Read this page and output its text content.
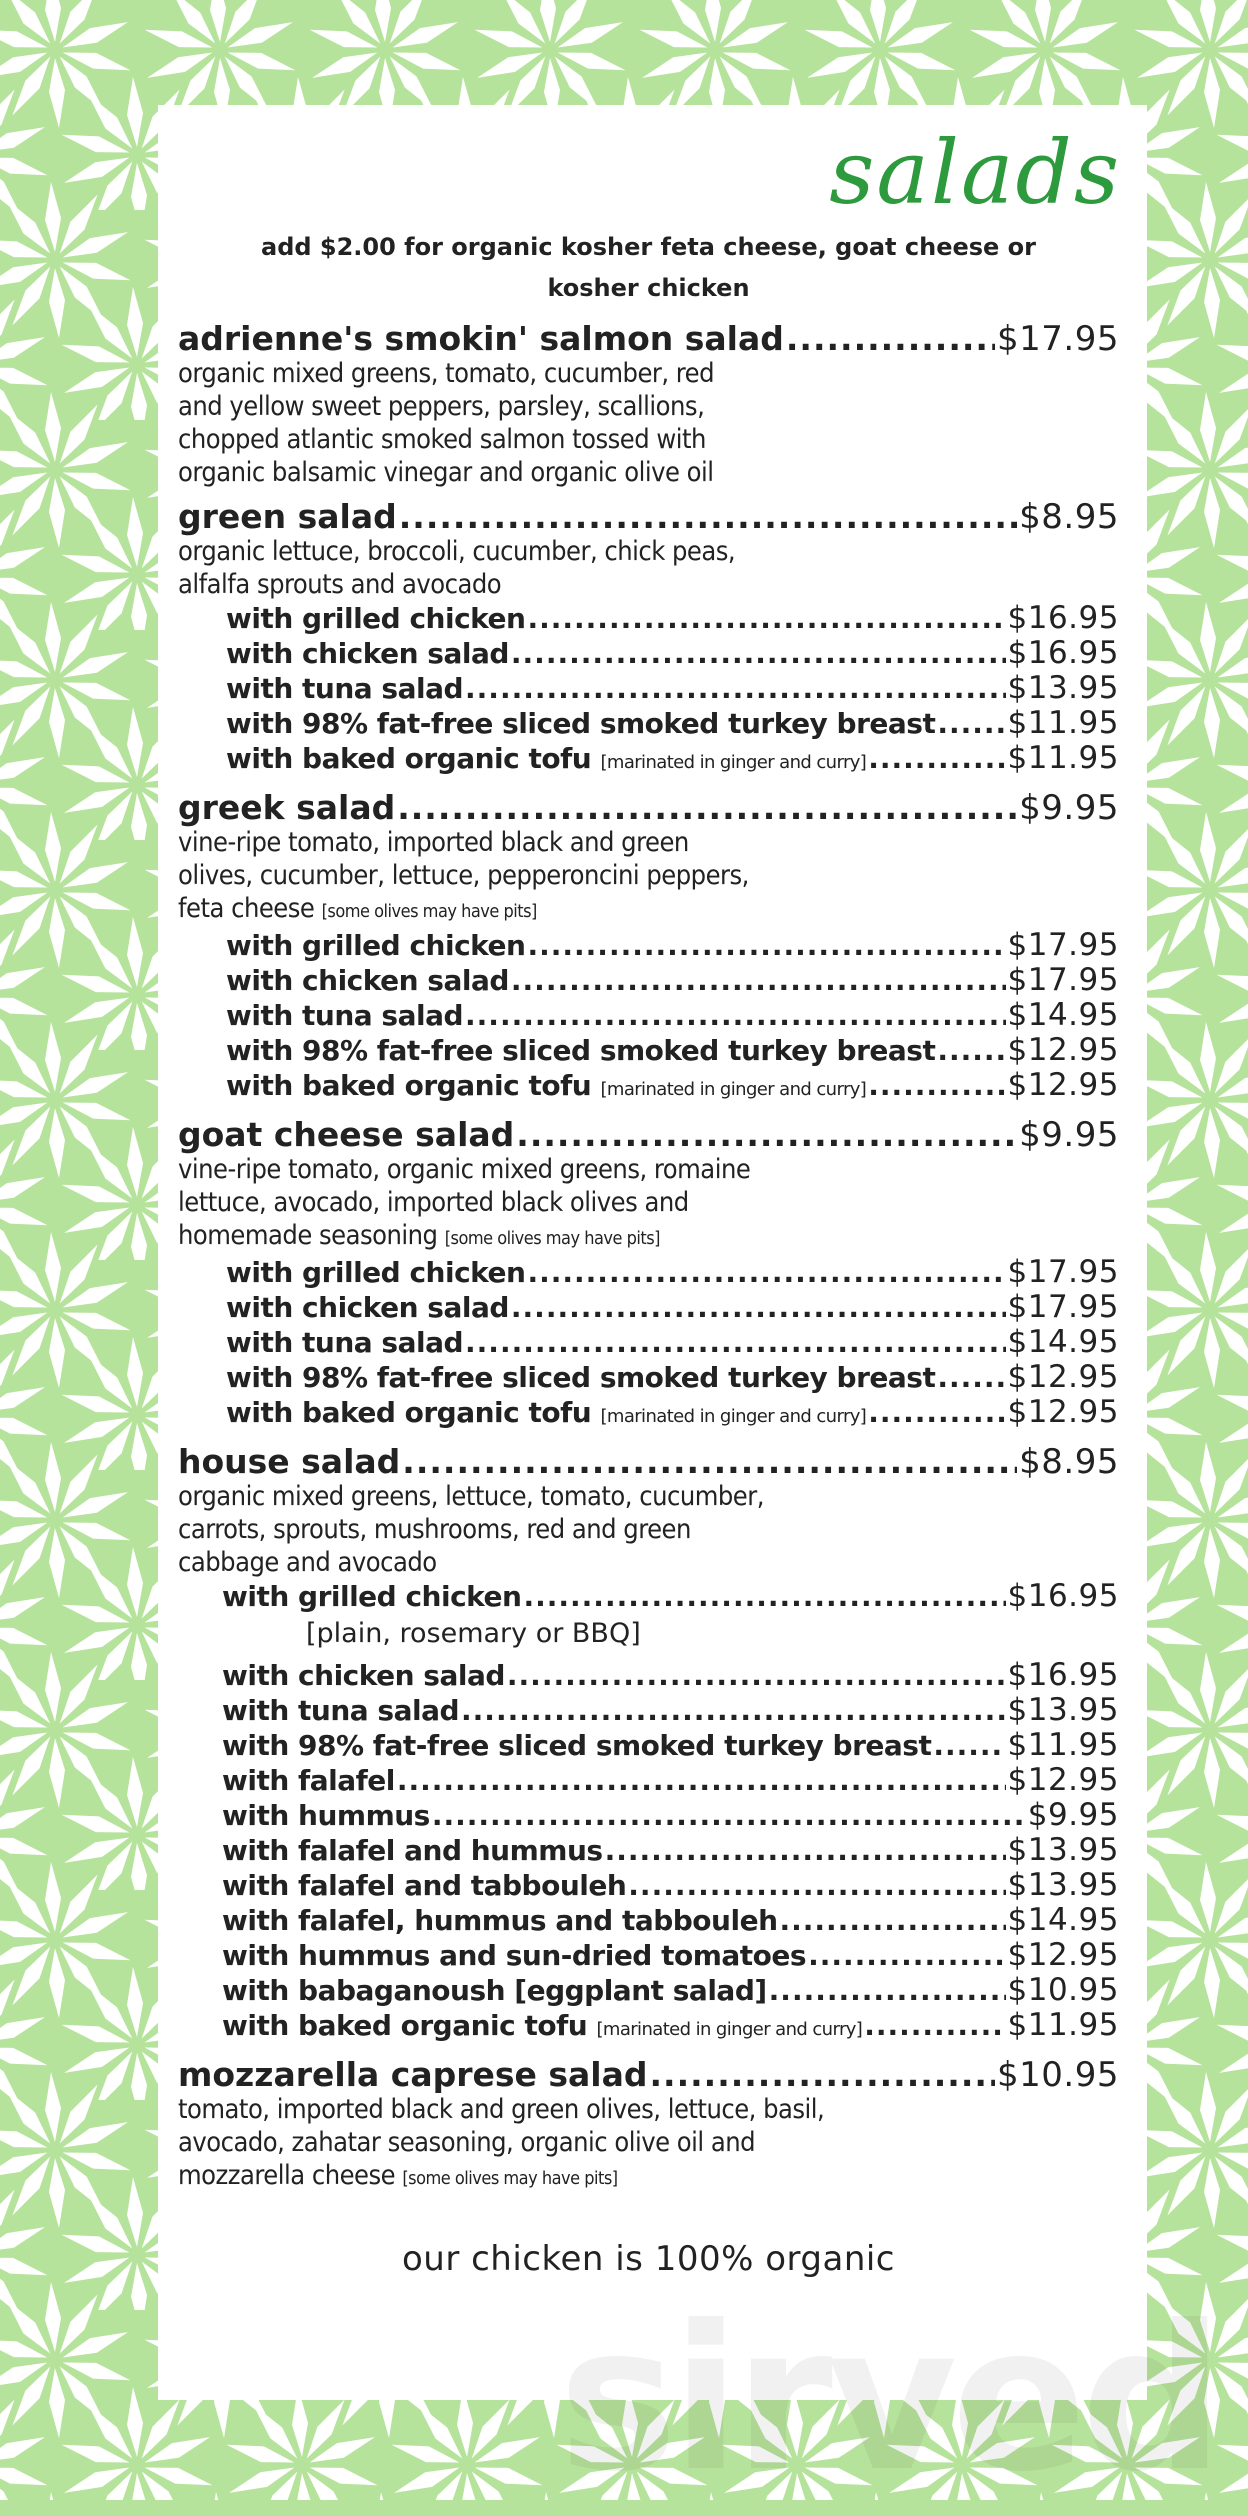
salads
add $2.00 for organic kosher feta cheese, goat cheese or kosher chicken
adrienne's smokin' salmon salad .....	$17.95
organic mixed greens, tomato, cucumber, red
and yellow sweet peppers, parsley, scallions,
chopped atlantic smoked salmon tossed with
organic balsamic vinegar and organic olive oil
green salad .....	$8.95
organic lettuce, broccoli, cucumber, chick peas,
alfalfa sprouts and avocado
with grilled chicken .....	$16.95
with chicken salad .....	$16.95
with tuna salad .....	$13.95
with 98% fat-free sliced smoked turkey breast ..... $11.95
with baked organic tofu [marinated in ginger and curry] .....	$11.95
greek salad .....	$9.95
vine-ripe tomato, imported black and green
olives, cucumber, lettuce, pepperoncini peppers,
feta cheese [some olives may have pits]
with grilled chicken .....	$17.95
with chicken salad .....	$17.95
with tuna salad .....	$14.95
with 98% fat-free sliced smoked turkey breast ..... $12.95
with baked organic tofu [marinated in ginger and curry] .....	$12.95
goat cheese salad .....	$9.95
vine-ripe tomato, organic mixed greens, romaine
lettuce, avocado, imported black olives and
homemade seasoning [some olives may have pits]
with grilled chicken .....	$17.95
with chicken salad .....	$17.95
with tuna salad .....	$14.95
with 98% fat-free sliced smoked turkey breast ..... $12.95
with baked organic tofu [marinated in ginger and curry] .....	$12.95
house salad .....	$8.95
organic mixed greens, lettuce, tomato, cucumber,
carrots, sprouts, mushrooms, red and green
cabbage and avocado
with grilled chicken .....	$16.95
[plain, rosemary or BBQ]
with chicken salad .....	$16.95
with tuna salad .....	$13.95
with 98% fat-free sliced smoked turkey breast ..... $11.95
with falafel .....	$12.95
with hummus .....	$9.95
with falafel and hummus .....	$13.95
with falafel and tabbouleh .....	$13.95
with falafel, hummus and tabbouleh .....	$14.95
with hummus and sun-dried tomatoes .....	$12.95
with babaganoush [eggplant salad] .....	$10.95
with baked organic tofu [marinated in ginger and curry] .....	$11.95
mozzarella caprese salad .....	$10.95
tomato, imported black and green olives, lettuce, basil,
avocado, zahatar seasoning, organic olive oil and
mozzarella cheese [some olives may have pits]
our chicken is 100% organic
sirved
